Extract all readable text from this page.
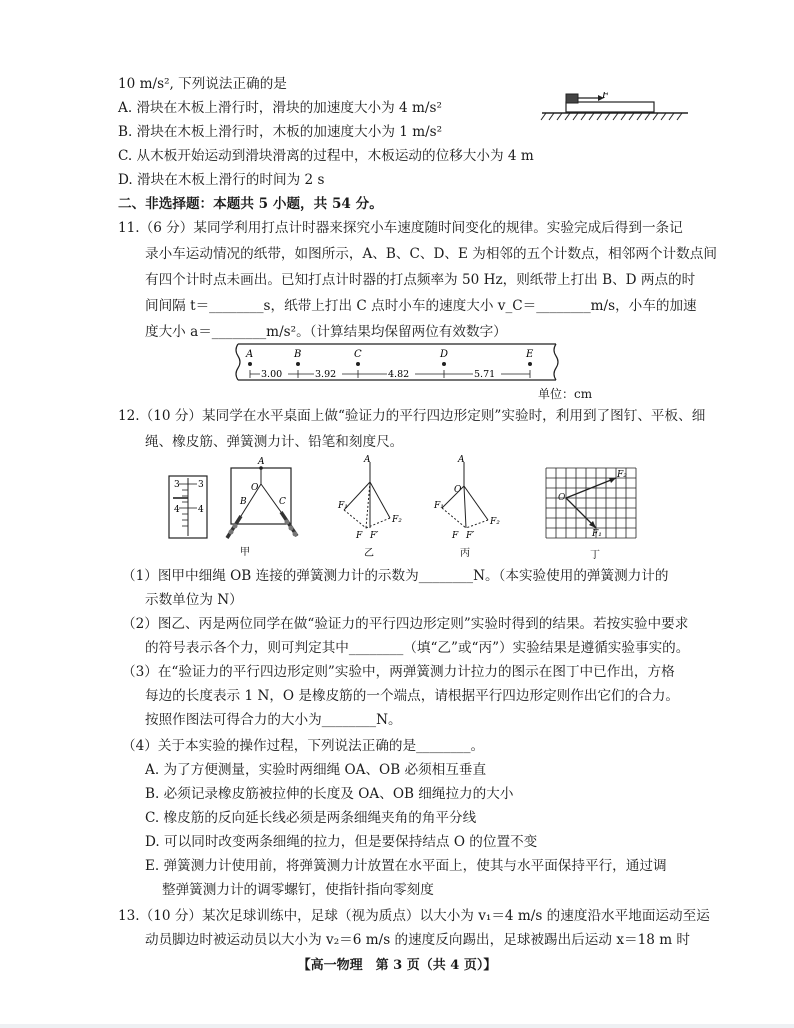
10 m/s², 下列说法正确的是
A. 滑块在木板上滑行时，滑块的加速度大小为 4 m/s²
B. 滑块在木板上滑行时，木板的加速度大小为 1 m/s²
C. 从木板开始运动到滑块滑离的过程中，木板运动的位移大小为 4 m
D. 滑块在木板上滑行的时间为 2 s
F
二、非选择题：本题共 5 小题，共 54 分。
11.（6 分）某同学利用打点计时器来探究小车速度随时间变化的规律。实验完成后得到一条记
录小车运动情况的纸带，如图所示，A、B、C、D、E 为相邻的五个计数点，相邻两个计数点间
有四个计时点未画出。已知打点计时器的打点频率为 50 Hz，则纸带上打出 B、D 两点的时
间间隔 t＝________s，纸带上打出 C 点时小车的速度大小 v_C＝________m/s，小车的加速
度大小 a＝________m/s²。（计算结果均保留两位有效数字）
A	B	C	D	E
3.00	3.92	4.82	5.71
单位：cm
12.（10 分）某同学在水平桌面上做“验证力的平行四边形定则”实验时，利用到了图钉、平板、细
绳、橡皮筋、弹簧测力计、铅笔和刻度尺。
3 3
4 4
A
O
B	C
甲
A
F₁
F₂
F F′
乙
A
O
F₁
F₂
F F′
丙
O
F₂
F₁
丁
（1）图甲中细绳 OB 连接的弹簧测力计的示数为________N。（本实验使用的弹簧测力计的
示数单位为 N）
（2）图乙、丙是两位同学在做“验证力的平行四边形定则”实验时得到的结果。若按实验中要求
的符号表示各个力，则可判定其中________（填“乙”或“丙”）实验结果是遵循实验事实的。
（3）在“验证力的平行四边形定则”实验中，两弹簧测力计拉力的图示在图丁中已作出，方格
每边的长度表示 1 N，O 是橡皮筋的一个端点，请根据平行四边形定则作出它们的合力。
按照作图法可得合力的大小为________N。
（4）关于本实验的操作过程，下列说法正确的是________。
A. 为了方便测量，实验时两细绳 OA、OB 必须相互垂直
B. 必须记录橡皮筋被拉伸的长度及 OA、OB 细绳拉力的大小
C. 橡皮筋的反向延长线必须是两条细绳夹角的角平分线
D. 可以同时改变两条细绳的拉力，但是要保持结点 O 的位置不变
E. 弹簧测力计使用前，将弹簧测力计放置在水平面上，使其与水平面保持平行，通过调
整弹簧测力计的调零螺钉，使指针指向零刻度
13.（10 分）某次足球训练中，足球（视为质点）以大小为 v₁＝4 m/s 的速度沿水平地面运动至运
动员脚边时被运动员以大小为 v₂＝6 m/s 的速度反向踢出，足球被踢出后运动 x＝18 m 时
【高一物理　第 3 页（共 4 页）】
